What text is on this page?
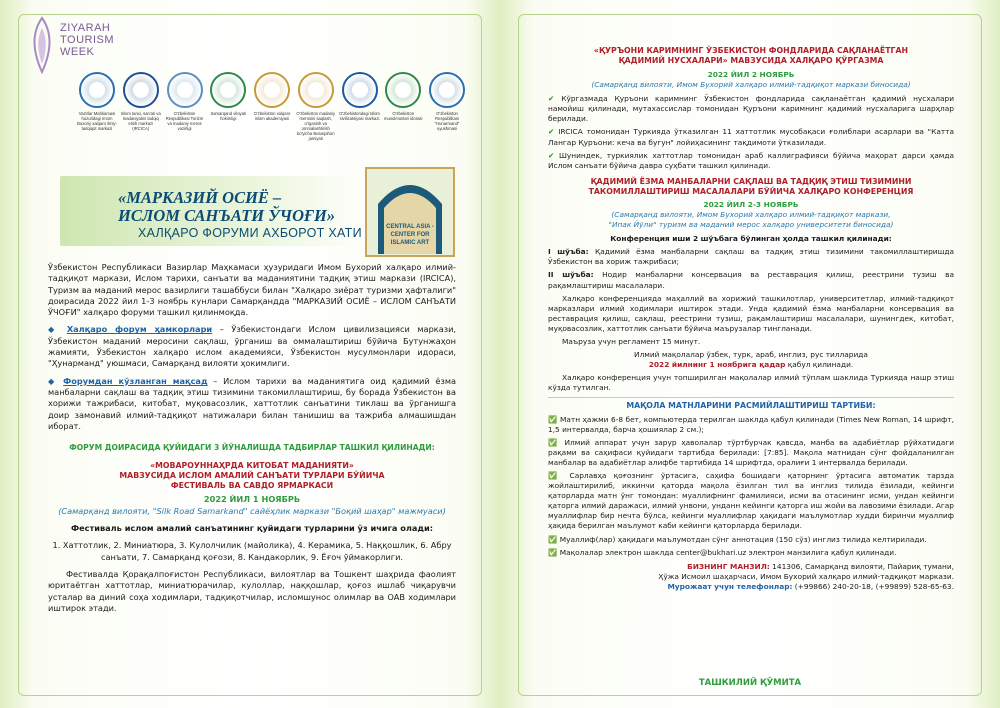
ZIYARAH
TOURISM
WEEK
Vazirlar Mahkamasi huzuridagi Imom Buxoriy xalqaro ilmiy-tadqiqot markazi
Islom tarixi, san'ati va madaniyatini tadqiq etish markazi (IRCICA)
O'zbekiston Respublikasi Turizm va madaniy meros vazirligi
Samarqand viloyati hokimligi
O'zbekiston xalqaro islom akademiyasi
O'zbekiston madaniy merosini saqlash, o'rganish va ommalashtirish bo'yicha Butunjahon jamiyati
O'zbekistondagi Islom sivilizatsiyasi markazi
O'zbekiston musulmonlari idorasi
O'zbekiston Respublikasi "Hunarmand" uyushmasi
«МАРКАЗИЙ ОСИЁ –
ИСЛОМ САНЪАТИ ЎЧОҒИ»
ХАЛҚАРО ФОРУМИ АХБОРОТ ХАТИ	CENTRAL ASIA -
CENTER FOR
ISLAMIC ART

Ўзбекистон Республикаси Вазирлар Маҳкамаси ҳузуридаги Имом Бухорий халқаро илмий-тадқиқот маркази, Ислом тарихи, санъати ва маданиятини тадқиқ этиш маркази (IRCICA), Туризм ва маданий мерос вазирлиги ташаббуси билан "Халқаро зиёрат туризми ҳафталиги" доирасида 2022 йил 1-3 ноябрь кунлари Самарқандда "МАРКАЗИЙ ОСИЁ – ИСЛОМ САНЪАТИ ЎЧОҒИ" халқаро форуми ташкил қилинмоқда.

◆ Халқаро форум ҳамкорлари – Ўзбекистондаги Ислом цивилизацияси маркази, Ўзбекистон маданий меросини сақлаш, ўрганиш ва оммалаштириш бўйича Бутунжаҳон жамияти, Ўзбекистон халқаро ислом академияси, Ўзбекистон мусулмонлари идораси, "Ҳунарманд" уюшмаси, Самарқанд вилояти ҳокимлиги.

◆ Форумдан кўзланган мақсад – Ислом тарихи ва маданиятига оид қадимий ёзма манбаларни сақлаш ва тадқиқ этиш тизимини такомиллаштириш, бу борада Ўзбекистон ва хорижи тажрибаси, китобат, муқовасозлик, хаттотлик санъатини тиклаш ва ўрганишга доир замонавий илмий-тадқиқот натижалари билан танишиш ва тажриба алмашишдан иборат.

ФОРУМ ДОИРАСИДА ҚУЙИДАГИ 3 ЙЎНАЛИШДА ТАДБИРЛАР ТАШКИЛ ҚИЛИНАДИ:

«МОВАРОУННАҲРДА КИТОБАТ МАДАНИЯТИ»
МАВЗУСИДА ИСЛОМ АМАЛИЙ САНЪАТИ ТУРЛАРИ БЎЙИЧА
ФЕСТИВАЛЬ ВА САВДО ЯРМАРКАСИ
2022 ЙИЛ 1 НОЯБРЬ
(Самарқанд вилояти, "Silk Road Samarkand" сайёҳлик маркази "Боқий шаҳар" мажмуаси)

Фестиваль ислом амалий санъатининг қуйидаги турларини ўз ичига олади:

1. Хаттотлик, 2. Миниатюра, 3. Кулолчилик (майолика), 4. Керамика, 5. Наққошлик, 6. Абру санъати, 7. Самарқанд қоғози, 8. Кандакорлик, 9. Ёғоч ўймакорлиги.

Фестивалда Қорақалпоғистон Республикаси, вилоятлар ва Тошкент шаҳрида фаолият юритаётган хаттотлар, миниатюрачилар, кулоллар, наққошлар, қоғоз ишлаб чиқарувчи усталар ва диний соҳа ходимлари, тадқиқотчилар, исломшунос олимлар ва ОАВ ходимлари иштирок этади.

«ҚУРЪОНИ КАРИМНИНГ ЎЗБЕКИСТОН ФОНДЛАРИДА САҚЛАНАЁТГАН
ҚАДИМИЙ НУСХАЛАРИ» МАВЗУСИДА ХАЛҚАРО ҚЎРГАЗМА
2022 ЙИЛ 2 НОЯБРЬ
(Самарқанд вилояти, Имом Бухорий халқаро илмий-тадқиқот маркази биносида)

✔ Кўргазмада Қуръони каримнинг Ўзбекистон фондларида сақланаётган қадимий нусхалари намойиш қилинади, мутахассислар томонидан Қуръони каримнинг қадимий нусхаларига шарҳлар берилади.

✔ IRCICA томонидан Туркияда ўтказилган 11 хаттотлик мусобақаси ғолиблари асарлари ва "Катта Лангар Қуръони: кеча ва бугун" лойиҳасининг тақдимоти ўтказилади.

✔ Шуниндек, туркиялик хаттотлар томонидан араб каллиграфияси бўйича маҳорат дарси ҳамда Ислом санъати бўйича давра суҳбати ташкил қилинади.

ҚАДИМИЙ ЁЗМА МАНБАЛАРНИ САҚЛАШ ВА ТАДҚИҚ ЭТИШ ТИЗИМИНИ
ТАКОМИЛЛАШТИРИШ МАСАЛАЛАРИ БЎЙИЧА ХАЛҚАРО КОНФЕРЕНЦИЯ
2022 ЙИЛ 2-3 НОЯБРЬ
(Самарқанд вилояти, Имом Бухорий халқаро илмий-тадқиқот маркази,
"Ипак Йўли" туризм ва маданий мерос халқаро университети биносида)

Конференция иши 2 шўъбага бўлинган ҳолда ташкил қилинади:

I шўъба: Қадимий ёзма манбаларни сақлаш ва тадқиқ этиш тизимини такомиллаштиришда Ўзбекистон ва хориж тажрибаси;

II шўъба: Нодир манбаларни консервация ва реставрация қилиш, реестрини тузиш ва рақамлаштириш масалалари.

Халқаро конференцияда маҳаллий ва хорижий ташкилотлар, университетлар, илмий-тадқиқот марказлари илмий ходимлари иштирок этади. Унда қадимий ёзма манбаларни консервация ва реставрация қилиш, сақлаш, реестрини тузиш, рақамлаштириш масалалари, шунингдек, китобат, муқовасозлик, хаттотлик санъати бўйича маърузалар тингланади.

Маърузa учун регламент 15 минут.

Илмий мақолалар ўзбек, турк, араб, инглиз, рус тилларида

2022 йилнинг 1 ноябрига қадар қабул қилинади.

Халқаро конференция учун топширилган мақолалар илмий тўплам шаклида Туркияда нашр этиш кўзда тутилган.

МАҚОЛА МАТНЛАРИНИ РАСМИЙЛАШТИРИШ ТАРТИБИ:

✅ Матн ҳажми 6-8 бет, компьютерда терилган шаклда қабул қилинади (Times New Roman, 14 шрифт, 1,5 интервалда, барча ҳошиялар 2 см.);

✅ Илмий аппарат учун зарур ҳаволалар тўртбурчак қавсда, манба ва адабиётлар рўйхатидаги рақами ва саҳифаси қуйидаги тартибда берилади: [7:85]. Мақола матнидан сўнг фойдаланилган манбалар ва адабиётлар алифбе тартибида 14 шрифтда, оралиғи 1 интервалда берилади.

✅ Сарлавҳа қоғознинг ўртасига, саҳифа бошидаги қаторнинг ўртасига автоматик тарзда жойлаштирилиб, иккинчи қаторда мақола ёзилган тил ва инглиз тилида ёзилади, кейинги қаторларда матн ўнг томондан: муаллифнинг фамилияси, исми ва отасининг исми, ундан кейинги қаторга илмий даражаси, илмий унвони, унданн кейинги қаторга иш жойи ва лавозими ёзилади. Агар муаллифлар бир нечта бўлса, кейинги муаллифлар ҳақидаги маълумотлар худди биринчи муаллиф ҳақида берилган маълумот каби кейинги қаторларда берилади.

✅ Муаллиф(лар) ҳақидаги маълумотдан сўнг аннотация (150 сўз) инглиз тилида келтирилади.

✅ Мақолалар электрон шаклда center@bukhari.uz электрон манзилига қабул қилинади.

БИЗНИНГ МАНЗИЛ: 141306, Самарқанд вилояти, Пайариқ тумани,
Ҳўжа Исмоил шаҳарчаси, Имом Бухорий халқаро илмий-тадқиқот маркази.
Мурожаат учун телефонлар: (+99866) 240-20-18, (+99899) 528-65-63.
ТАШКИЛИЙ ҚЎМИТА
